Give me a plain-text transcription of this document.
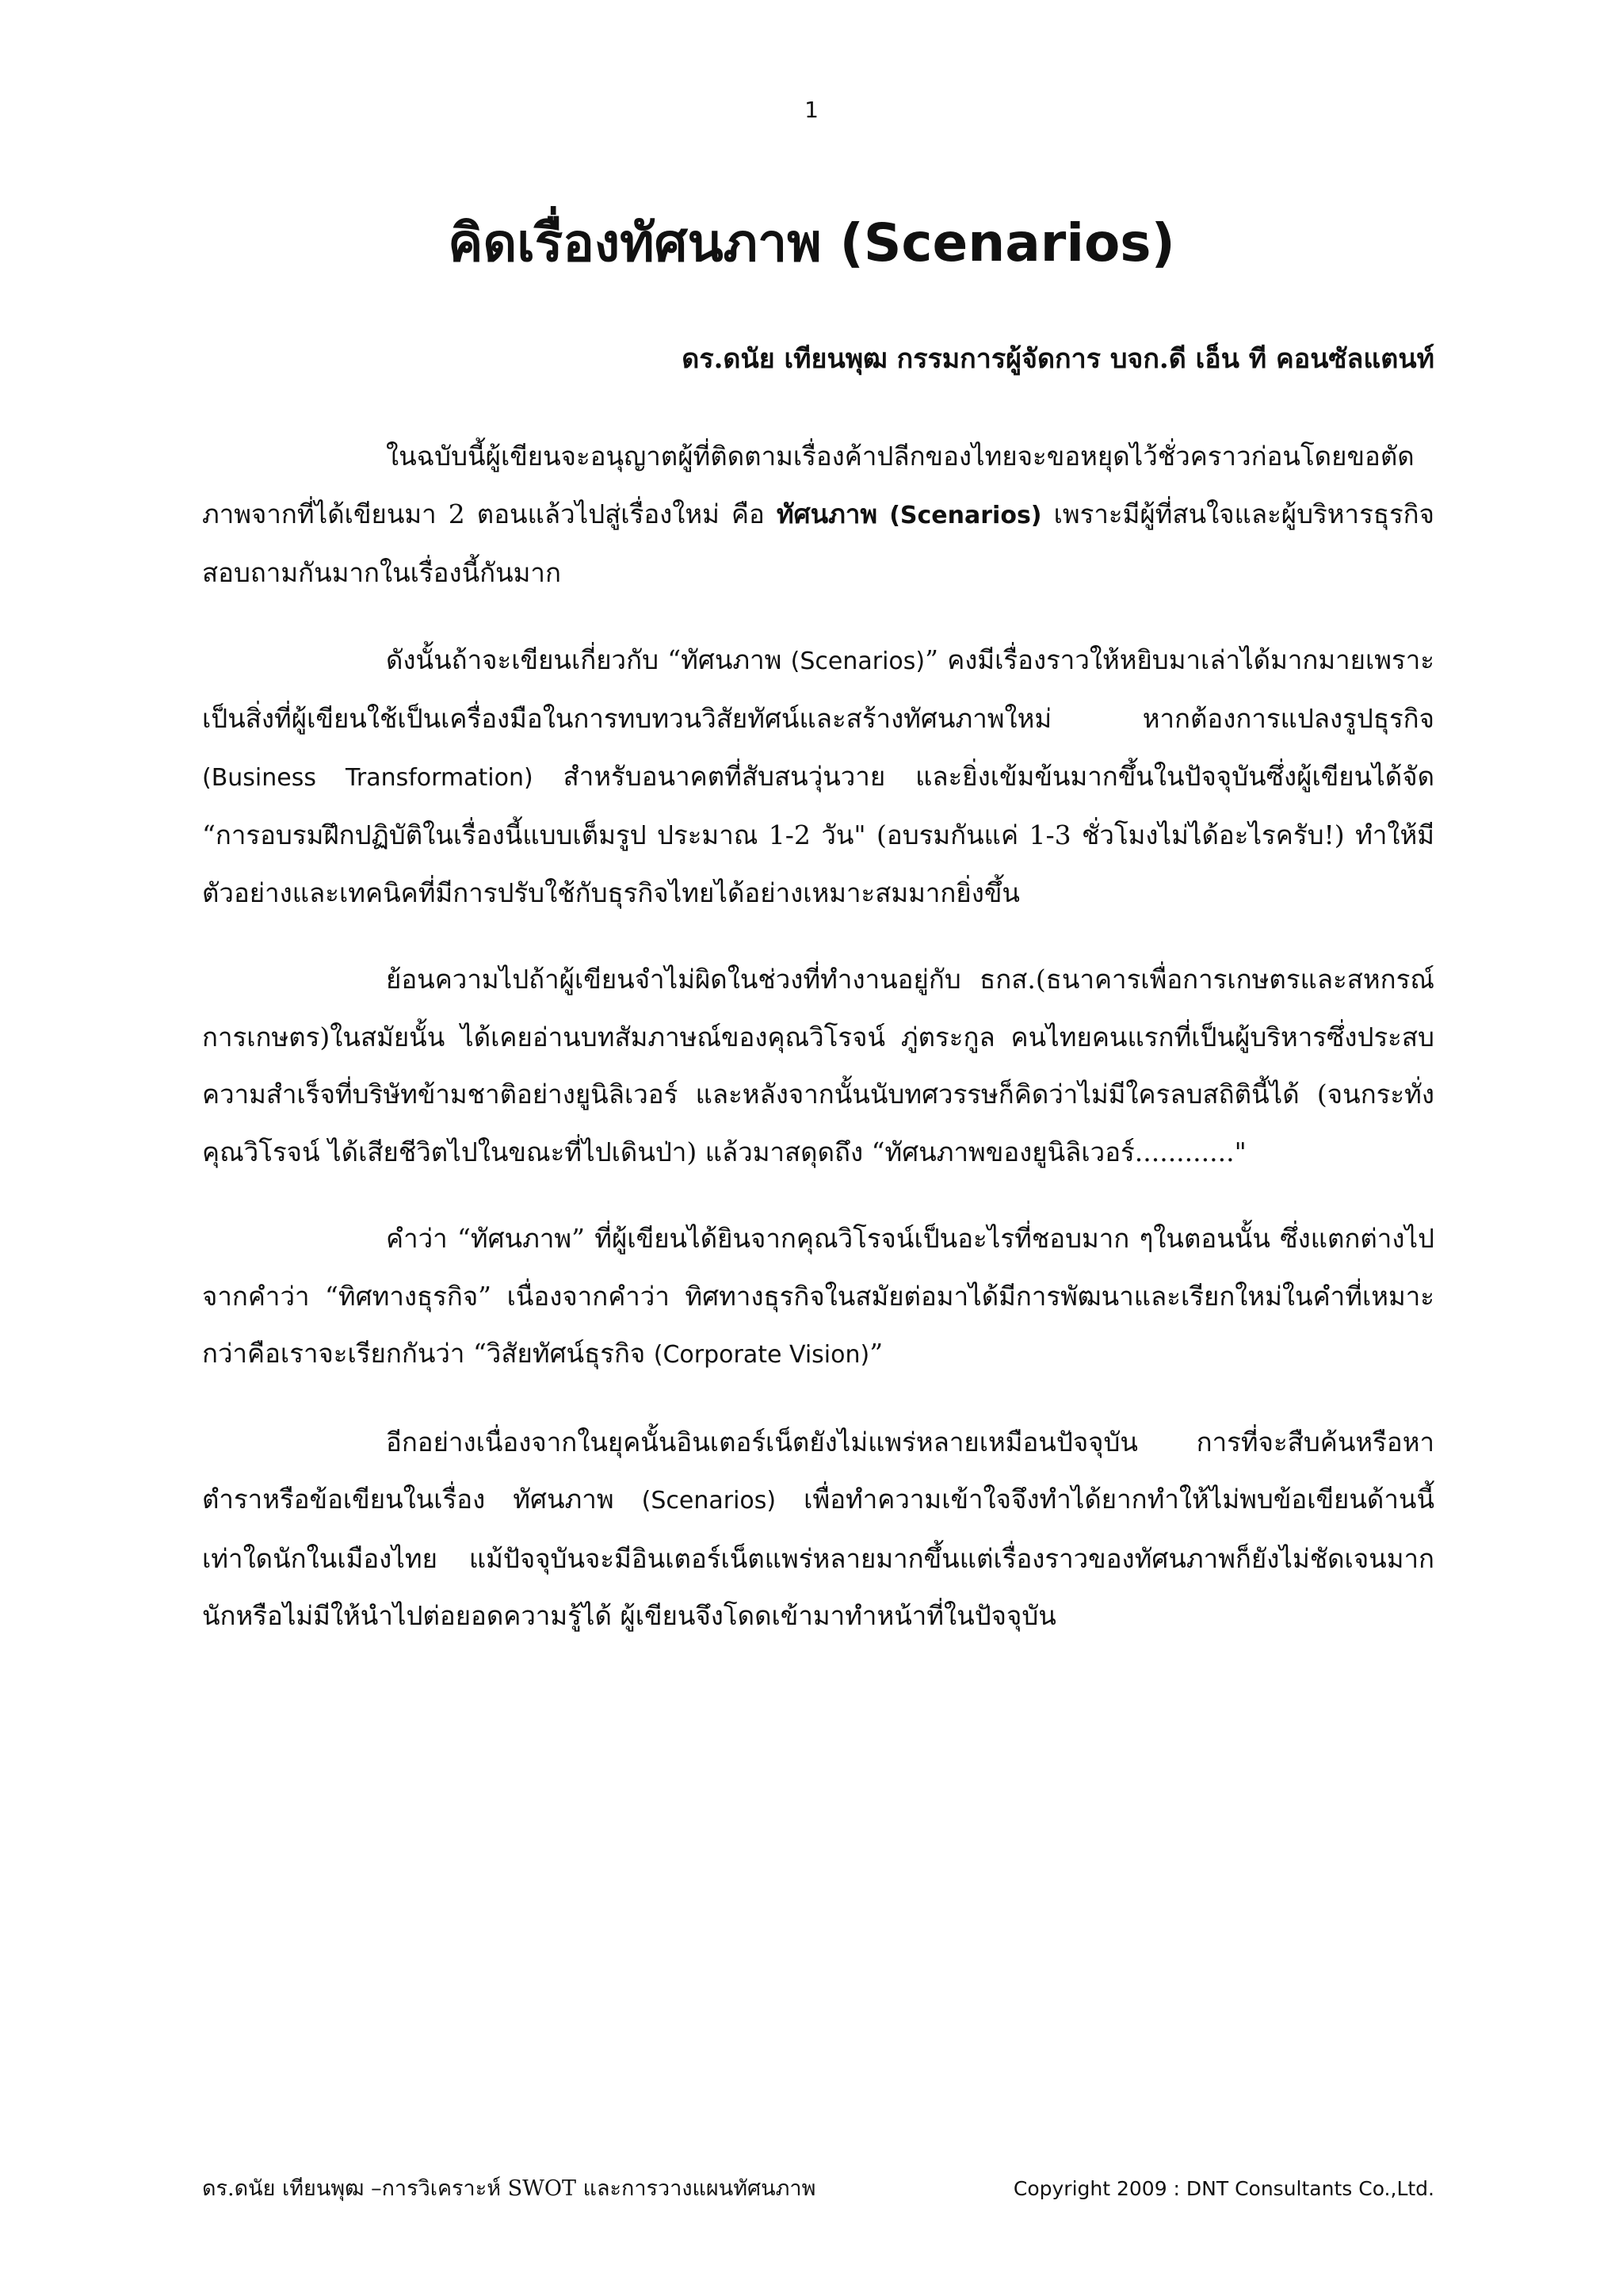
1
คิดเรื่องทัศนภาพ (Scenarios)
ดร.ดนัย เทียนพุฒ กรรมการผู้จัดการ บจก.ดี เอ็น ที คอนซัลแตนท์

ในฉบับนี้ผู้เขียนจะอนุญาตผู้ที่ติดตามเรื่องค้าปลีกของไทยจะขอหยุดไว้ชั่วคราวก่อนโดยขอตัดภาพจากที่ได้เขียนมา 2 ตอนแล้วไปสู่เรื่องใหม่ คือ ทัศนภาพ (Scenarios) เพราะมีผู้ที่สนใจและผู้บริหารธุรกิจสอบถามกันมากในเรื่องนี้กันมาก

ดังนั้นถ้าจะเขียนเกี่ยวกับ “ทัศนภาพ (Scenarios)” คงมีเรื่องราวให้หยิบมาเล่าได้มากมายเพราะเป็นสิ่งที่ผู้เขียนใช้เป็นเครื่องมือในการทบทวนวิสัยทัศน์และสร้างทัศนภาพใหม่ หากต้องการแปลงรูปธุรกิจ (Business Transformation) สำหรับอนาคตที่สับสนวุ่นวาย และยิ่งเข้มข้นมากขึ้นในปัจจุบันซึ่งผู้เขียนได้จัด “การอบรมฝึกปฏิบัติในเรื่องนี้แบบเต็มรูป ประมาณ 1-2 วัน" (อบรมกันแค่ 1-3 ชั่วโมงไม่ได้อะไรครับ!) ทำให้มีตัวอย่างและเทคนิคที่มีการปรับใช้กับธุรกิจไทยได้อย่างเหมาะสมมากยิ่งขึ้น

ย้อนความไปถ้าผู้เขียนจำไม่ผิดในช่วงที่ทำงานอยู่กับ ธกส.(ธนาคารเพื่อการเกษตรและสหกรณ์การเกษตร)ในสมัยนั้น ได้เคยอ่านบทสัมภาษณ์ของคุณวิโรจน์ ภู่ตระกูล คนไทยคนแรกที่เป็นผู้บริหารซึ่งประสบความสำเร็จที่บริษัทข้ามชาติอย่างยูนิลิเวอร์ และหลังจากนั้นนับทศวรรษก็คิดว่าไม่มีใครลบสถิตินี้ได้ (จนกระทั่งคุณวิโรจน์ ได้เสียชีวิตไปในขณะที่ไปเดินป่า) แล้วมาสดุดถึง “ทัศนภาพของยูนิลิเวอร์............"

คำว่า “ทัศนภาพ” ที่ผู้เขียนได้ยินจากคุณวิโรจน์เป็นอะไรที่ชอบมาก ๆในตอนนั้น ซึ่งแตกต่างไปจากคำว่า “ทิศทางธุรกิจ” เนื่องจากคำว่า ทิศทางธุรกิจในสมัยต่อมาได้มีการพัฒนาและเรียกใหม่ในคำที่เหมาะกว่าคือเราจะเรียกกันว่า “วิสัยทัศน์ธุรกิจ (Corporate Vision)”

อีกอย่างเนื่องจากในยุคนั้นอินเตอร์เน็ตยังไม่แพร่หลายเหมือนปัจจุบัน การที่จะสืบค้นหรือหาตำราหรือข้อเขียนในเรื่อง ทัศนภาพ (Scenarios) เพื่อทำความเข้าใจจึงทำได้ยากทำให้ไม่พบข้อเขียนด้านนี้เท่าใดนักในเมืองไทย แม้ปัจจุบันจะมีอินเตอร์เน็ตแพร่หลายมากขึ้นแต่เรื่องราวของทัศนภาพก็ยังไม่ชัดเจนมากนักหรือไม่มีให้นำไปต่อยอดความรู้ได้ ผู้เขียนจึงโดดเข้ามาทำหน้าที่ในปัจจุบัน

ดร.ดนัย เทียนพุฒ –การวิเคราะห์ SWOT และการวางแผนทัศนภาพ	Copyright 2009 : DNT Consultants Co.,Ltd.
